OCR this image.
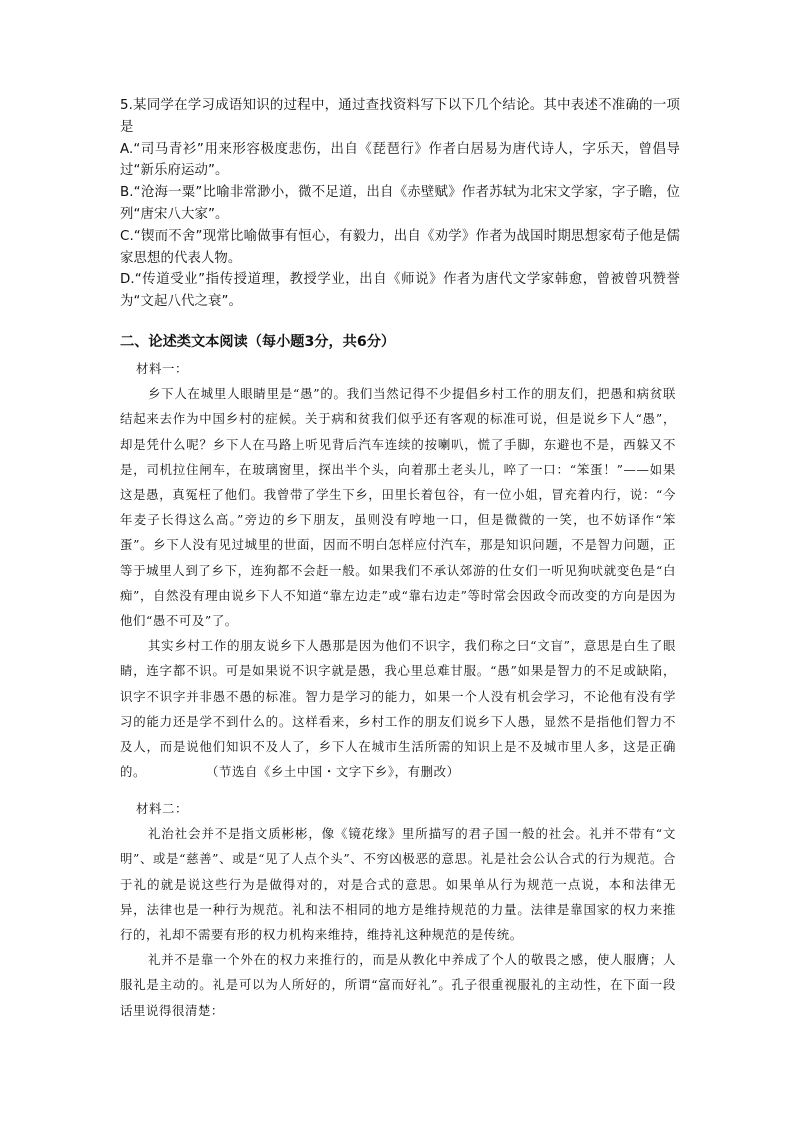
5.某同学在学习成语知识的过程中，通过查找资料写下以下几个结论。其中表述不准确的一项是

A.“司马青衫”用来形容极度悲伤，出自《琵琶行》作者白居易为唐代诗人，字乐天，曾倡导过“新乐府运动”。

B.“沧海一粟”比喻非常渺小，微不足道，出自《赤壁赋》作者苏轼为北宋文学家，字子瞻，位列“唐宋八大家”。

C.“锲而不舍”现常比喻做事有恒心，有毅力，出自《劝学》作者为战国时期思想家荀子他是儒家思想的代表人物。

D.“传道受业”指传授道理，教授学业，出自《师说》作者为唐代文学家韩愈，曾被曾巩赞誉为“文起八代之衰”。

二、论述类文本阅读（每小题3分，共6分）

材料一：

乡下人在城里人眼睛里是“愚”的。我们当然记得不少提倡乡村工作的朋友们，把愚和病贫联结起来去作为中国乡村的症候。关于病和贫我们似乎还有客观的标准可说，但是说乡下人“愚”，却是凭什么呢？乡下人在马路上听见背后汽车连续的按喇叭，慌了手脚，东避也不是，西躲又不是，司机拉住闸车，在玻璃窗里，探出半个头，向着那土老头儿，啐了一口：“笨蛋！”——如果这是愚，真冤枉了他们。我曾带了学生下乡，田里长着包谷，有一位小姐，冒充着内行，说：“今年麦子长得这么高。”旁边的乡下朋友，虽则没有哼地一口，但是微微的一笑，也不妨译作“笨蛋”。乡下人没有见过城里的世面，因而不明白怎样应付汽车，那是知识问题，不是智力问题，正等于城里人到了乡下，连狗都不会赶一般。如果我们不承认郊游的仕女们一听见狗吠就变色是“白痴”，自然没有理由说乡下人不知道“靠左边走”或“靠右边走”等时常会因政令而改变的方向是因为他们“愚不可及”了。

其实乡村工作的朋友说乡下人愚那是因为他们不识字，我们称之曰“文盲”，意思是白生了眼睛，连字都不识。可是如果说不识字就是愚，我心里总难甘服。“愚”如果是智力的不足或缺陷，识字不识字并非愚不愚的标准。智力是学习的能力，如果一个人没有机会学习，不论他有没有学习的能力还是学不到什么的。这样看来，乡村工作的朋友们说乡下人愚，显然不是指他们智力不及人，而是说他们知识不及人了，乡下人在城市生活所需的知识上是不及城市里人多，这是正确的。	（节选自《乡土中国・文字下乡》，有删改）

材料二：

礼治社会并不是指文质彬彬，像《镜花缘》里所描写的君子国一般的社会。礼并不带有“文明”、或是“慈善”、或是“见了人点个头”、不穷凶极恶的意思。礼是社会公认合式的行为规范。合于礼的就是说这些行为是做得对的，对是合式的意思。如果单从行为规范一点说，本和法律无异，法律也是一种行为规范。礼和法不相同的地方是维持规范的力量。法律是靠国家的权力来推行的，礼却不需要有形的权力机构来维持，维持礼这种规范的是传统。

礼并不是靠一个外在的权力来推行的，而是从教化中养成了个人的敬畏之感，使人服膺；人服礼是主动的。礼是可以为人所好的，所谓“富而好礼”。孔子很重视服礼的主动性，在下面一段话里说得很清楚：
